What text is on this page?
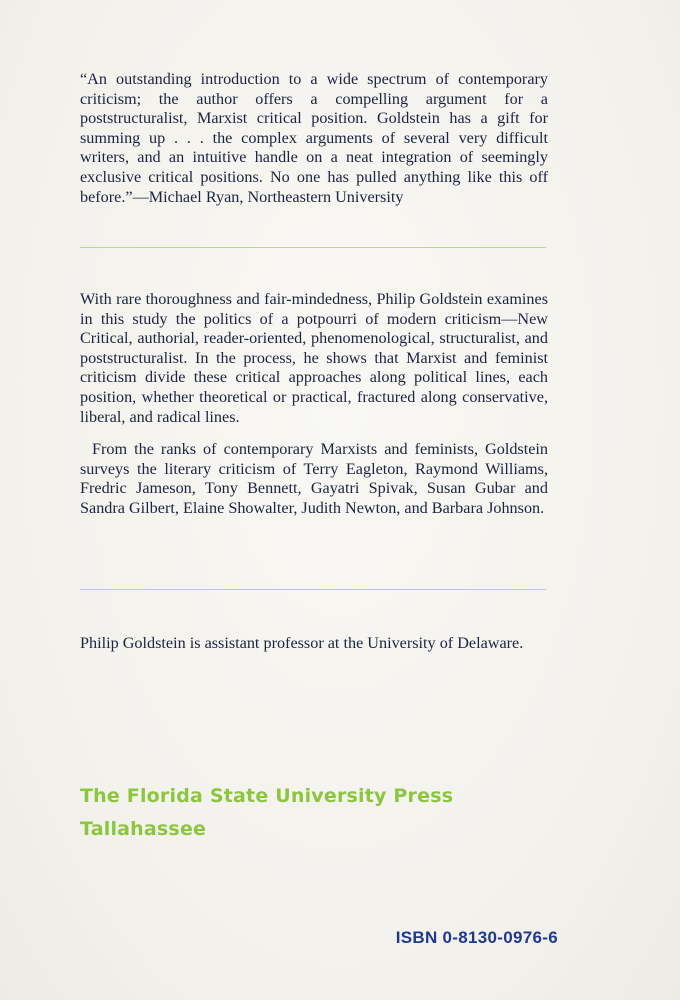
“An outstanding introduction to a wide spectrum of contemporary criticism; the author offers a compelling argument for a poststructuralist, Marxist critical position. Goldstein has a gift for summing up . . . the complex arguments of several very difficult writers, and an intuitive handle on a neat integration of seemingly exclusive critical positions. No one has pulled anything like this off before.”—Michael Ryan, Northeastern University

With rare thoroughness and fair-mindedness, Philip Goldstein examines in this study the politics of a potpourri of modern criticism—New Critical, authorial, reader-oriented, phenomenological, structuralist, and poststructuralist. In the process, he shows that Marxist and feminist criticism divide these critical approaches along political lines, each position, whether theoretical or practical, fractured along conservative, liberal, and radical lines.

From the ranks of contemporary Marxists and feminists, Goldstein surveys the literary criticism of Terry Eagleton, Raymond Williams, Fredric Jameson, Tony Bennett, Gayatri Spivak, Susan Gubar and Sandra Gilbert, Elaine Showalter, Judith Newton, and Barbara Johnson.

Philip Goldstein is assistant professor at the University of Delaware.

The Florida State University Press

Tallahassee

ISBN 0-8130-0976-6
